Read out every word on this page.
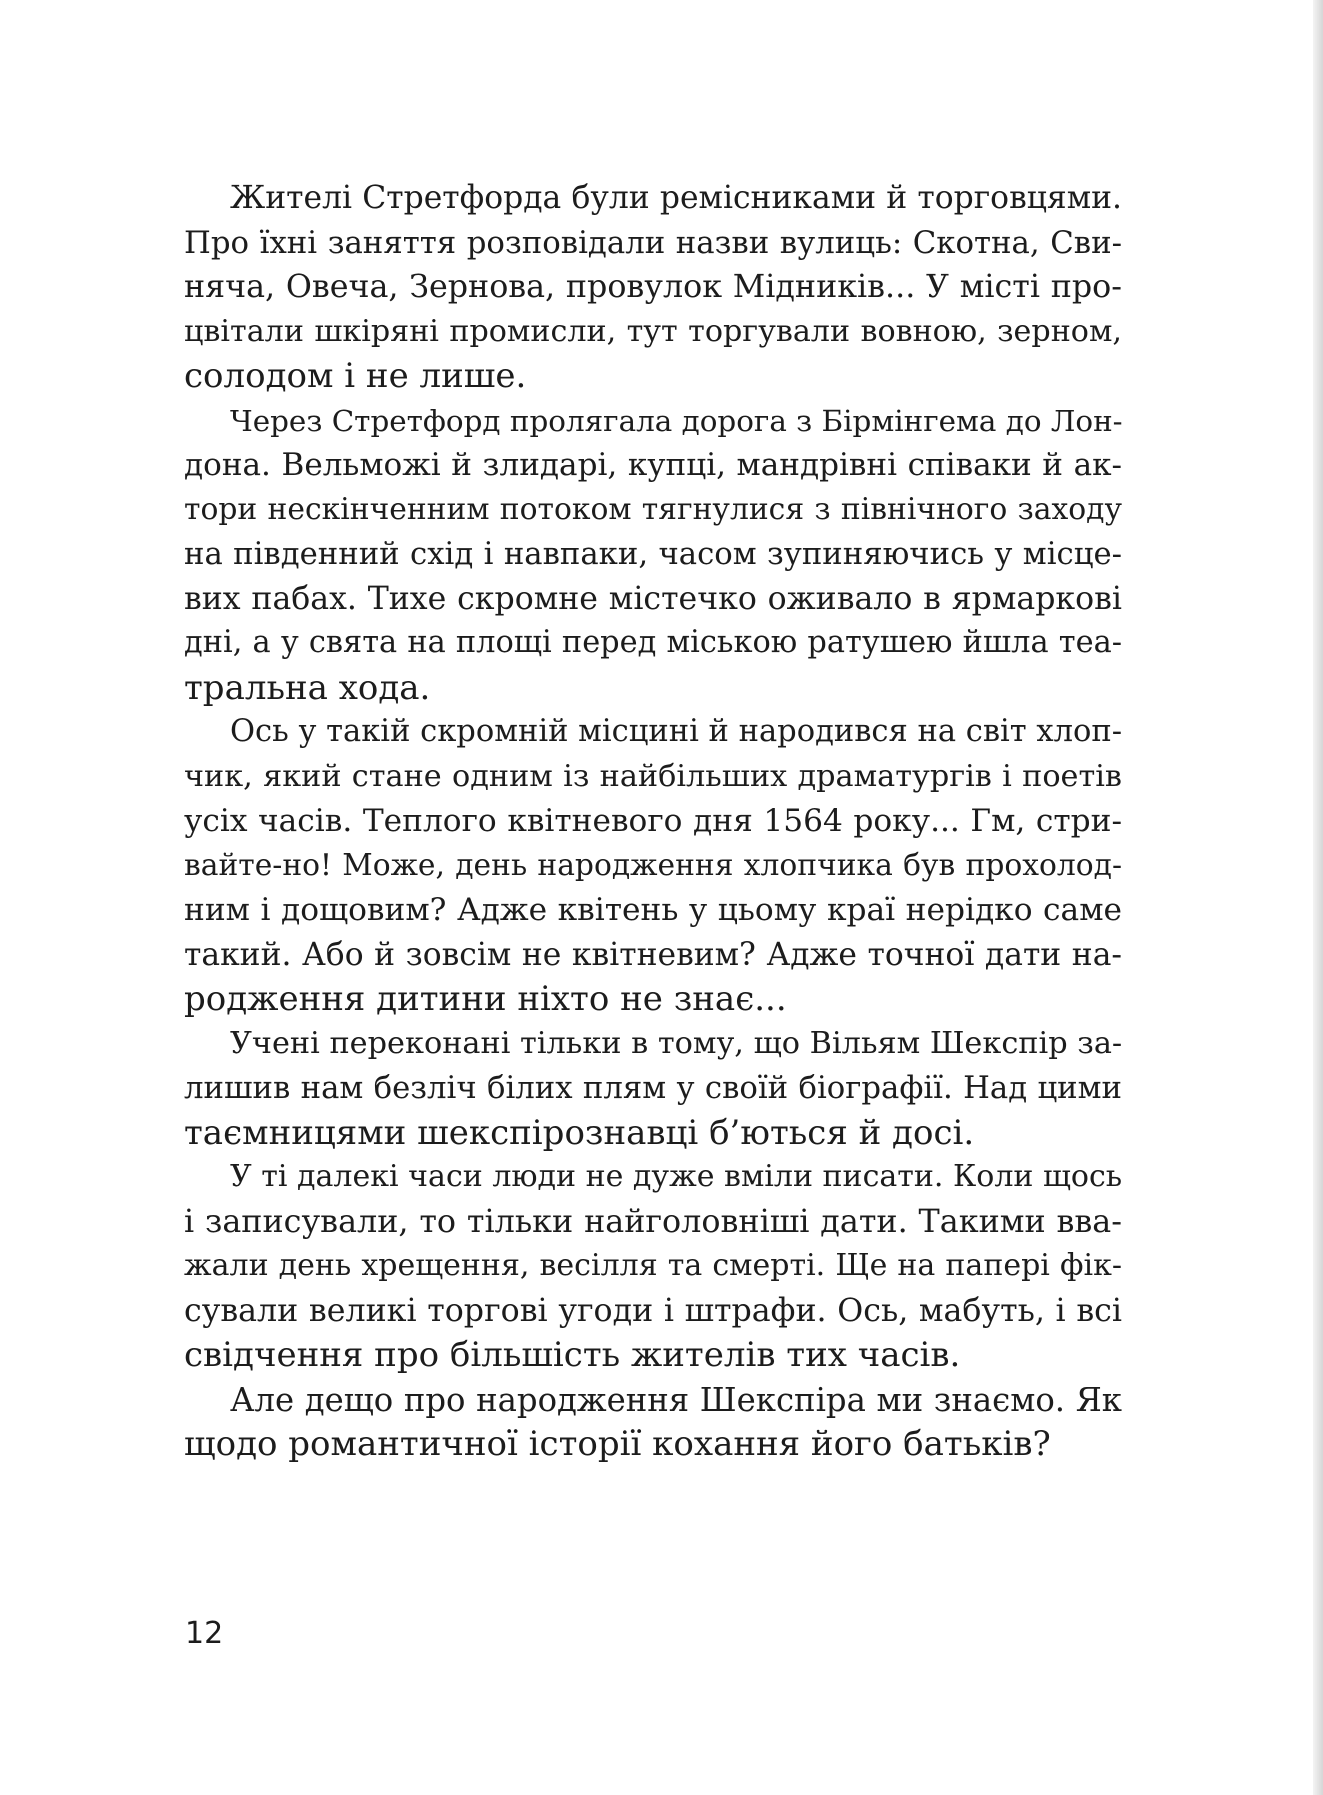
Жителі Стретфорда були ремісниками й торговцями.
Про їхні заняття розповідали назви вулиць: Скотна, Сви-
няча, Овеча, Зернова, провулок Мідників... У місті про-
цвітали шкіряні промисли, тут торгували вовною, зерном,
солодом і не лише.
Через Стретфорд пролягала дорога з Бірмінгема до Лон-
дона. Вельможі й злидарі, купці, мандрівні співаки й ак-
тори нескінченним потоком тягнулися з північного заходу
на південний схід і навпаки, часом зупиняючись у місце-
вих пабах. Тихе скромне містечко оживало в ярмаркові
дні, а у свята на площі перед міською ратушею йшла теа-
тральна хода.
Ось у такій скромній місцині й народився на світ хлоп-
чик, який стане одним із найбільших драматургів і поетів
усіх часів. Теплого квітневого дня 1564 року... Гм, стри-
вайте-но! Може, день народження хлопчика був прохолод-
ним і дощовим? Адже квітень у цьому краї нерідко саме
такий. Або й зовсім не квітневим? Адже точної дати на-
родження дитини ніхто не знає...
Учені переконані тільки в тому, що Вільям Шекспір за-
лишив нам безліч білих плям у своїй біографії. Над цими
таємницями шекспірознавці б’ються й досі.
У ті далекі часи люди не дуже вміли писати. Коли щось
і записували, то тільки найголовніші дати. Такими вва-
жали день хрещення, весілля та смерті. Ще на папері фік-
сували великі торгові угоди і штрафи. Ось, мабуть, і всі
свідчення про більшість жителів тих часів.
Але дещо про народження Шекспіра ми знаємо. Як
щодо романтичної історії кохання його батьків?
12
